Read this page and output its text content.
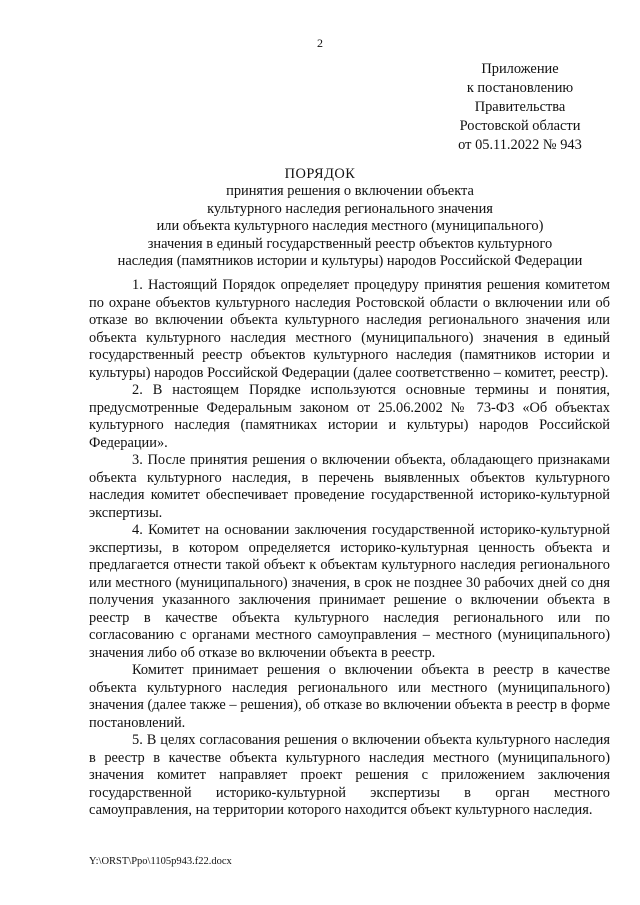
2
Приложение
к постановлению
Правительства
Ростовской области
от 05.11.2022 № 943
ПОРЯДОК
принятия решения о включении объекта
культурного наследия регионального значения
или объекта культурного наследия местного (муниципального)
значения в единый государственный реестр объектов культурного
наследия (памятников истории и культуры) народов Российской Федерации

1. Настоящий Порядок определяет процедуру принятия решения комитетом по охране объектов культурного наследия Ростовской области о включении или об отказе во включении объекта культурного наследия регионального значения или объекта культурного наследия местного (муниципального) значения в единый государственный реестр объектов культурного наследия (памятников истории и культуры) народов Российской Федерации (далее соответственно – комитет, реестр).

2. В настоящем Порядке используются основные термины и понятия, предусмотренные Федеральным законом от 25.06.2002 № 73-ФЗ «Об объектах культурного наследия (памятниках истории и культуры) народов Российской Федерации».

3. После принятия решения о включении объекта, обладающего признаками объекта культурного наследия, в перечень выявленных объектов культурного наследия комитет обеспечивает проведение государственной историко-культурной экспертизы.

4. Комитет на основании заключения государственной историко-культурной экспертизы, в котором определяется историко-культурная ценность объекта и предлагается отнести такой объект к объектам культурного наследия регионального или местного (муниципального) значения, в срок не позднее 30 рабочих дней со дня получения указанного заключения принимает решение о включении объекта в реестр в качестве объекта культурного наследия регионального или по согласованию с органами местного самоуправления – местного (муниципального) значения либо об отказе во включении объекта в реестр.

Комитет принимает решения о включении объекта в реестр в качестве объекта культурного наследия регионального или местного (муниципального) значения (далее также – решения), об отказе во включении объекта в реестр в форме постановлений.

5. В целях согласования решения о включении объекта культурного наследия в реестр в качестве объекта культурного наследия местного (муниципального) значения комитет направляет проект решения с приложением заключения государственной историко-культурной экспертизы в орган местного самоуправления, на территории которого находится объект культурного наследия.

Y:\ORST\Ppo\1105p943.f22.docx
